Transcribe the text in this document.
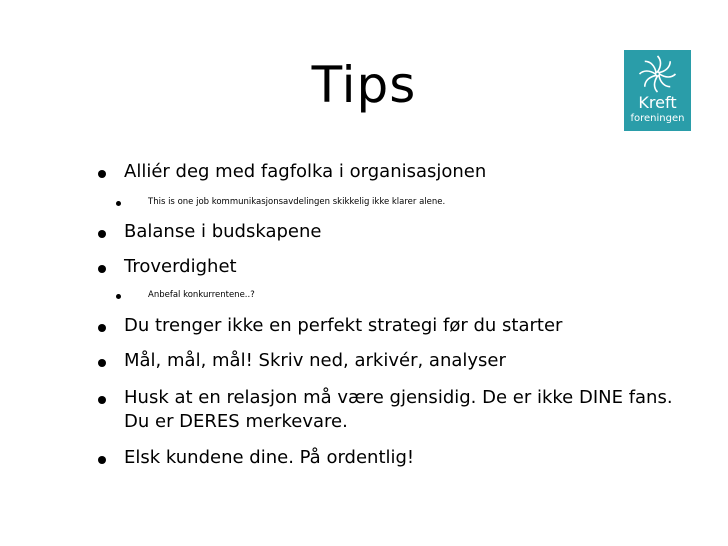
Tips	Kreft
foreningen
Alliér deg med fagfolka i organisasjonen
This is one job kommunikasjonsavdelingen skikkelig ikke klarer alene.
Balanse i budskapene
Troverdighet
Anbefal konkurrentene..?
Du trenger ikke en perfekt strategi før du starter
Mål, mål, mål! Skriv ned, arkivér, analyser
Husk at en relasjon må være gjensidig. De er ikke DINE fans.
Du er DERES merkevare.
Elsk kundene dine. På ordentlig!
